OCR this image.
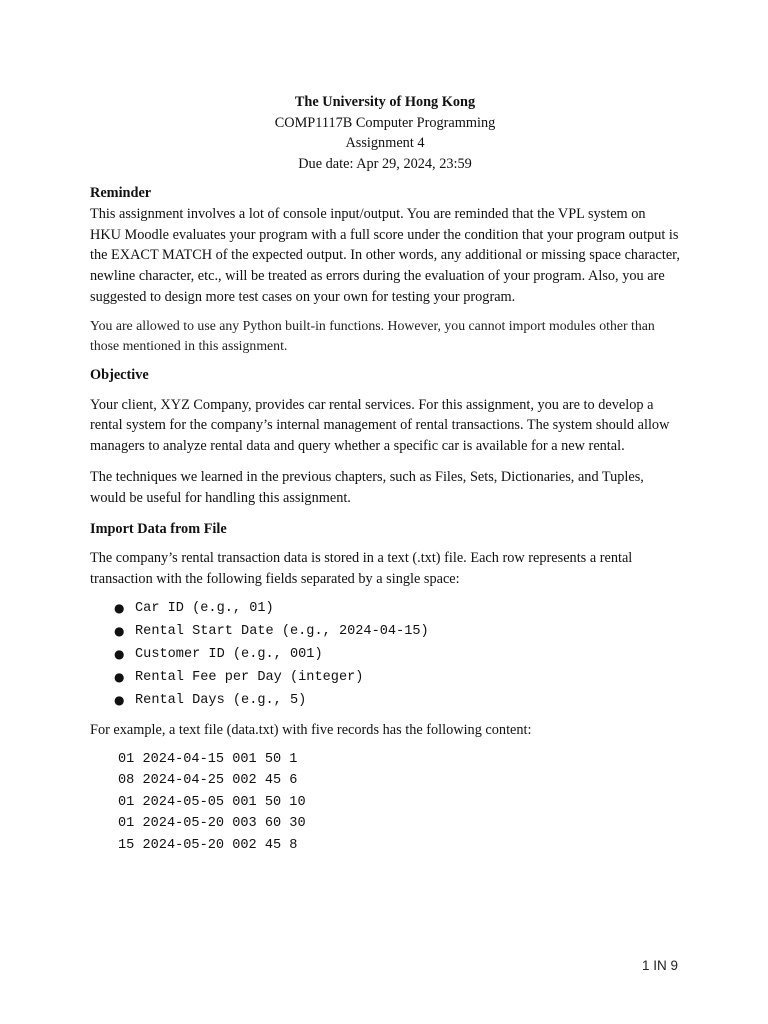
The University of Hong Kong
COMP1117B Computer Programming
Assignment 4
Due date: Apr 29, 2024, 23:59
Reminder

This assignment involves a lot of console input/output. You are reminded that the VPL system on HKU Moodle evaluates your program with a full score under the condition that your program output is the EXACT MATCH of the expected output. In other words, any additional or missing space character, newline character, etc., will be treated as errors during the evaluation of your program. Also, you are suggested to design more test cases on your own for testing your program.

You are allowed to use any Python built-in functions. However, you cannot import modules other than those mentioned in this assignment.

Objective

Your client, XYZ Company, provides car rental services. For this assignment, you are to develop a rental system for the company’s internal management of rental transactions. The system should allow managers to analyze rental data and query whether a specific car is available for a new rental.

The techniques we learned in the previous chapters, such as Files, Sets, Dictionaries, and Tuples, would be useful for handling this assignment.

Import Data from File

The company’s rental transaction data is stored in a text (.txt) file. Each row represents a rental transaction with the following fields separated by a single space:

● Car ID (e.g., 01)
● Rental Start Date (e.g., 2024-04-15)
● Customer ID (e.g., 001)
● Rental Fee per Day (integer)
● Rental Days (e.g., 5)

For example, a text file (data.txt) with five records has the following content:

01 2024-04-15 001 50 1
08 2024-04-25 002 45 6
01 2024-05-05 001 50 10
01 2024-05-20 003 60 30
15 2024-05-20 002 45 8
1 IN 9
